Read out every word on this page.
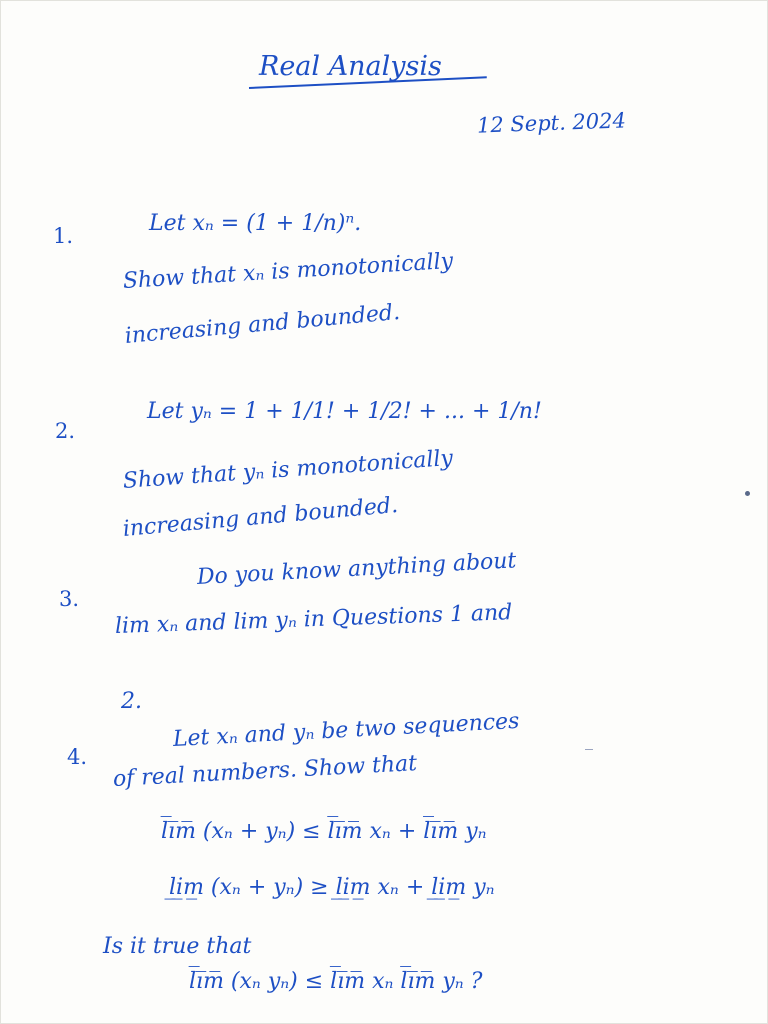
Real Analysis
12 Sept. 2024
1.	Let xₙ = (1 + 1/n)ⁿ.
Show that xₙ is monotonically
increasing and bounded.
2.
Let yₙ = 1 + 1/1! + 1/2! + ... + 1/n!
Show that yₙ is monotonically
increasing and bounded.
3.
Do you know anything about
lim xₙ and lim yₙ in Questions 1 and
2.
4.
Let xₙ and yₙ be two sequences
of real numbers. Show that
l̅i̅m̅ (xₙ + yₙ) ≤ l̅i̅m̅ xₙ + l̅i̅m̅ yₙ
l̲i̲m̲ (xₙ + yₙ) ≥ l̲i̲m̲ xₙ + l̲i̲m̲ yₙ
Is it true that
l̅i̅m̅ (xₙ yₙ) ≤ l̅i̅m̅ xₙ l̅i̅m̅ yₙ ?
